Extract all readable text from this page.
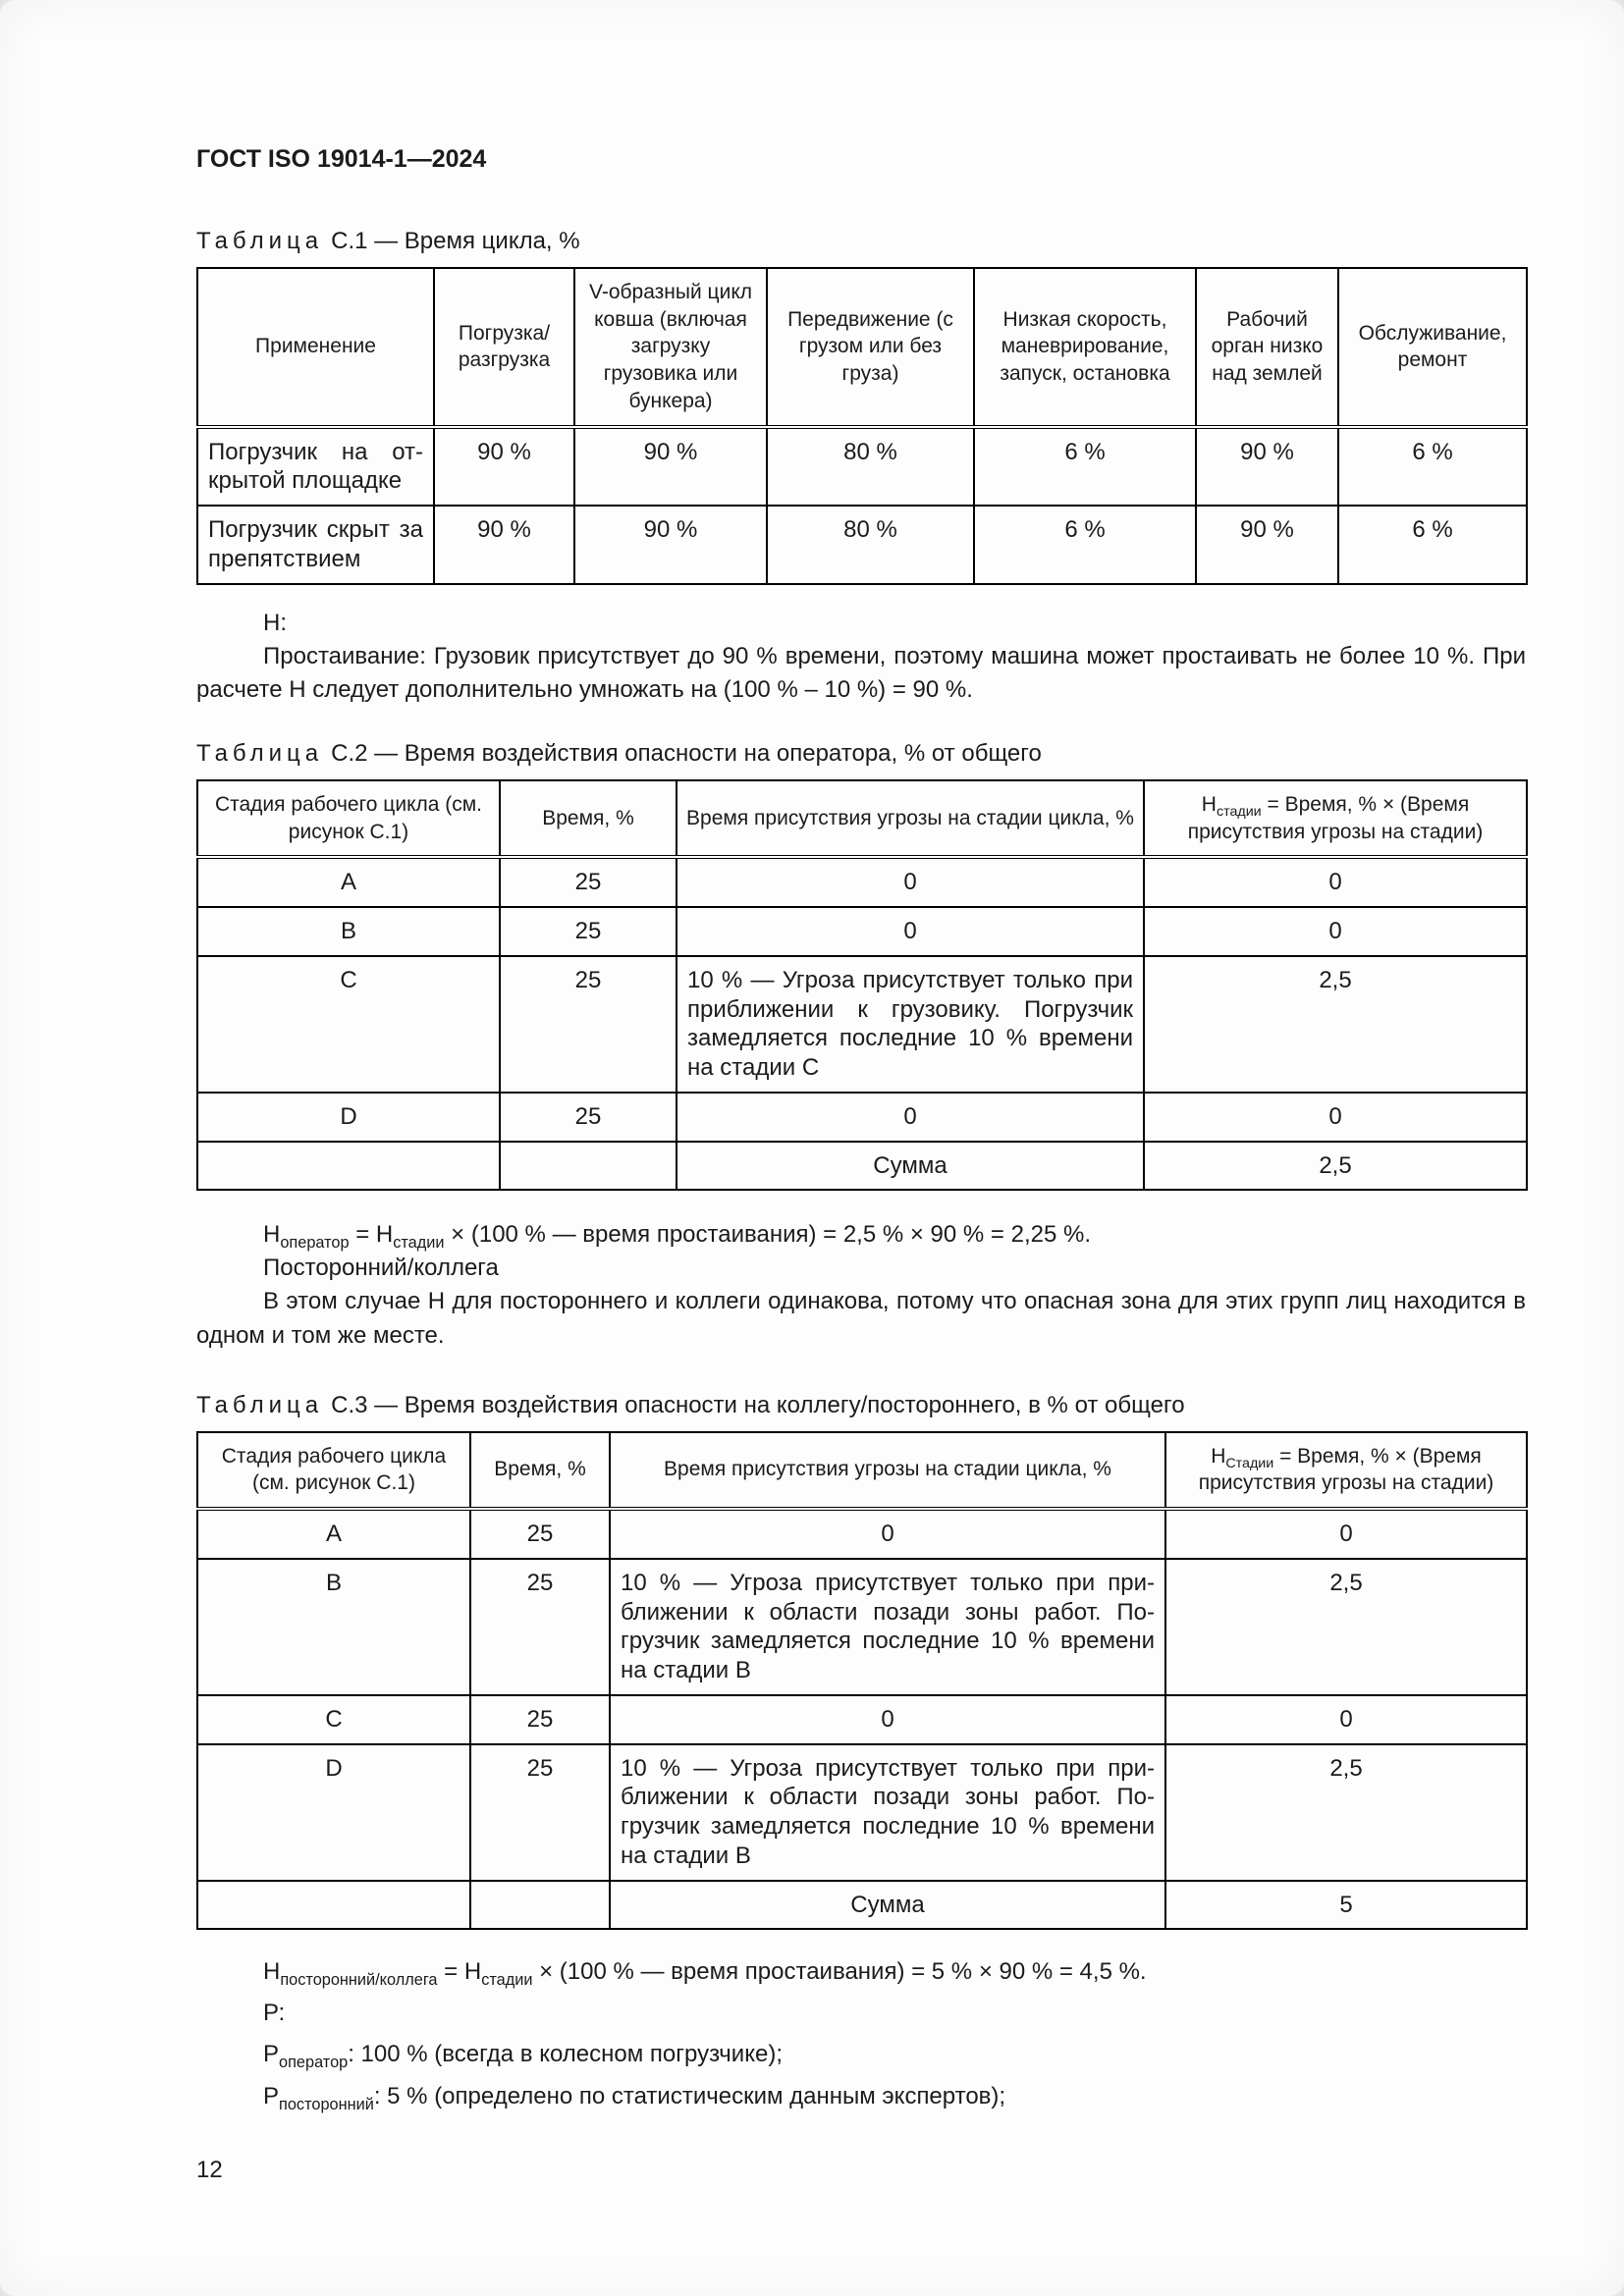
ГОСТ ISO 19014-1—2024

Таблица С.1 — Время цикла, %

Применение	Погрузка/разгрузка	V-образный цикл ковша (включая загрузку грузовика или бункера)	Передвижение (с грузом или без груза)	Низкая скорость, маневрирование, запуск, остановка	Рабочий орган низко над землей	Обслуживание, ремонт
Погрузчик на открытой площадке	90 %	90 %	80 %	6 %	90 %	6 %
Погрузчик скрыт за препятствием	90 %	90 %	80 %	6 %	90 %	6 %

Н:

Простаивание: Грузовик присутствует до 90 % времени, поэтому машина может простаивать не более 10 %. При расчете Н следует дополнительно умножать на (100 % – 10 %) = 90 %.

Таблица С.2 — Время воздействия опасности на оператора, % от общего

Стадия рабочего цикла (см. рисунок С.1)	Время, %	Время присутствия угрозы на стадии цикла, %	$Н_{стадии}$ = Время, % × (Время присутствия угрозы на стадии)
A	25	0	0
B	25	0	0
C	25	10 % — Угроза присутствует только при приближении к грузовику. Погрузчик замедляется последние 10 % времени на стадии С	2,5
D	25	0	0
		Сумма	2,5

$Н_{оператор} = Н_{стадии} \times (100$ % — время простаивания) = 2,5 % × 90 % = 2,25 %.

Посторонний/коллега

В этом случае Н для постороннего и коллеги одинакова, потому что опасная зона для этих групп лиц находится в одном и том же месте.

Таблица С.3 — Время воздействия опасности на коллегу/постороннего, в % от общего

Стадия рабочего цикла (см. рисунок С.1)	Время, %	Время присутствия угрозы на стадии цикла, %	$Н_{Стадии}$ = Время, % × (Время присутствия угрозы на стадии)
A	25	0	0
B	25	10 % — Угроза присутствует только при приближении к области позади зоны работ. Погрузчик замедляется последние 10 % времени на стадии B	2,5
C	25	0	0
D	25	10 % — Угроза присутствует только при приближении к области позади зоны работ. Погрузчик замедляется последние 10 % времени на стадии B	2,5
		Сумма	5

$Н_{посторонний/коллега} = Н_{стадии} \times (100$ % — время простаивания) = 5 % × 90 % = 4,5 %.

Р:

$Р_{оператор}$: 100 % (всегда в колесном погрузчике);

$Р_{посторонний}$: 5 % (определено по статистическим данным экспертов);

12
